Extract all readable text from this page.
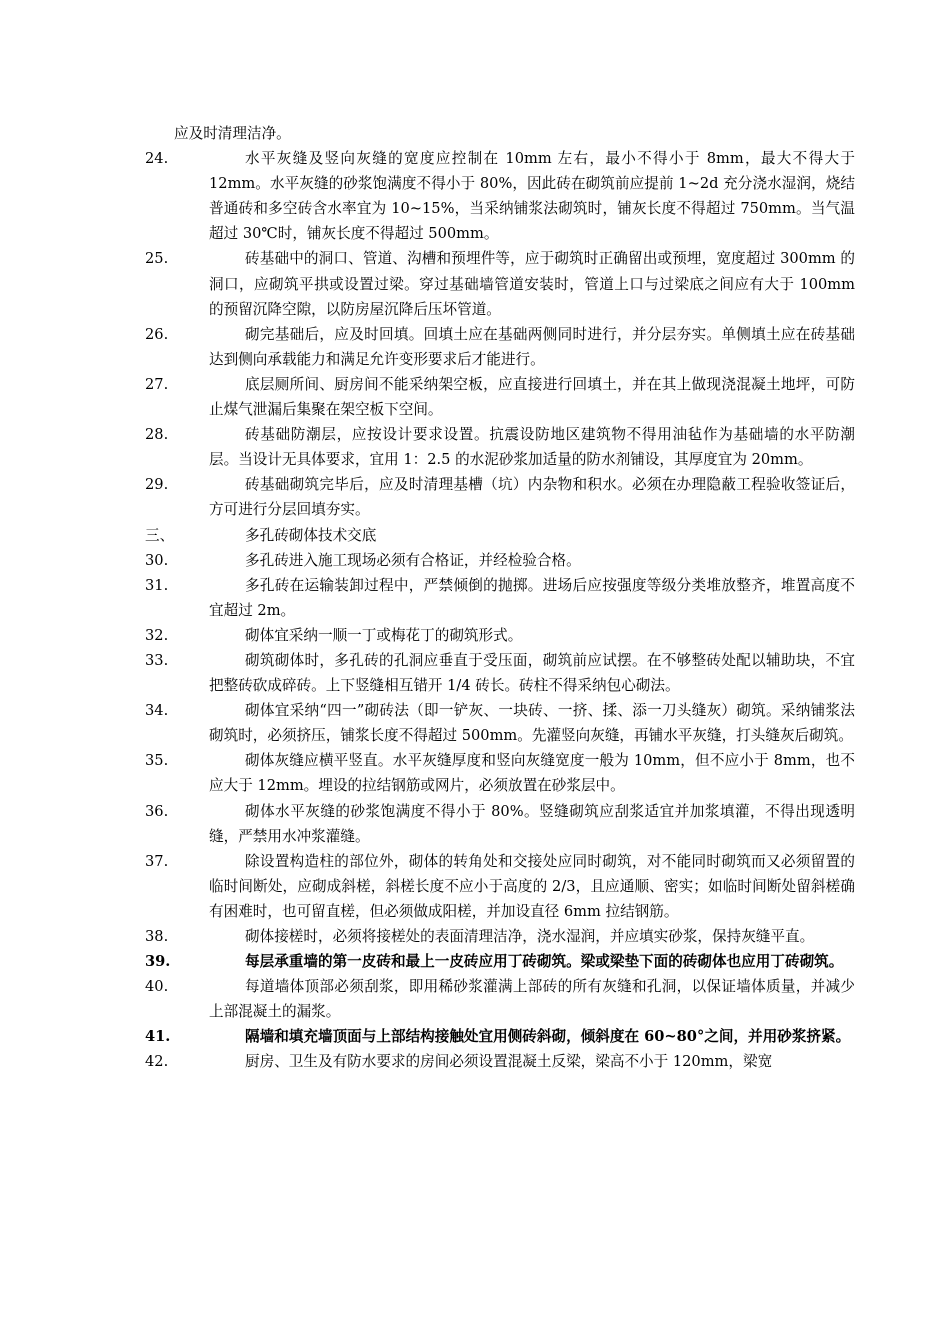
应及时清理洁净。
24.	水平灰缝及竖向灰缝的宽度应控制在 10mm 左右，最小不得小于 8mm，最大不得大于 12mm。水平灰缝的砂浆饱满度不得小于 80%，因此砖在砌筑前应提前 1~2d 充分浇水湿润，烧结普通砖和多空砖含水率宜为 10~15%，当采纳铺浆法砌筑时，铺灰长度不得超过 750mm。当气温超过 30℃时，铺灰长度不得超过 500mm。
25.	砖基础中的洞口、管道、沟槽和预埋件等，应于砌筑时正确留出或预埋，宽度超过 300mm 的洞口，应砌筑平拱或设置过梁。穿过基础墙管道安装时，管道上口与过梁底之间应有大于 100mm 的预留沉降空隙，以防房屋沉降后压坏管道。
26.	砌完基础后，应及时回填。回填土应在基础两侧同时进行，并分层夯实。单侧填土应在砖基础达到侧向承载能力和满足允许变形要求后才能进行。
27.	底层厕所间、厨房间不能采纳架空板，应直接进行回填土，并在其上做现浇混凝土地坪，可防止煤气泄漏后集聚在架空板下空间。
28.	砖基础防潮层，应按设计要求设置。抗震设防地区建筑物不得用油毡作为基础墙的水平防潮层。当设计无具体要求，宜用 1：2.5 的水泥砂浆加适量的防水剂铺设，其厚度宜为 20mm。
29.	砖基础砌筑完毕后，应及时清理基槽（坑）内杂物和积水。必须在办理隐蔽工程验收签证后，方可进行分层回填夯实。
三、	多孔砖砌体技术交底
30.	多孔砖进入施工现场必须有合格证，并经检验合格。
31.	多孔砖在运输装卸过程中，严禁倾倒的抛掷。进场后应按强度等级分类堆放整齐，堆置高度不宜超过 2m。
32.	砌体宜采纳一顺一丁或梅花丁的砌筑形式。
33.	砌筑砌体时，多孔砖的孔洞应垂直于受压面，砌筑前应试摆。在不够整砖处配以辅助块，不宜把整砖砍成碎砖。上下竖缝相互错开 1/4 砖长。砖柱不得采纳包心砌法。
34.	砌体宜采纳“四一”砌砖法（即一铲灰、一块砖、一挤、揉、添一刀头缝灰）砌筑。采纳铺浆法砌筑时，必须挤压，铺浆长度不得超过 500mm。先灌竖向灰缝，再铺水平灰缝，打头缝灰后砌筑。
35.	砌体灰缝应横平竖直。水平灰缝厚度和竖向灰缝宽度一般为 10mm，但不应小于 8mm，也不应大于 12mm。埋设的拉结钢筋或网片，必须放置在砂浆层中。
36.	砌体水平灰缝的砂浆饱满度不得小于 80%。竖缝砌筑应刮浆适宜并加浆填灌，不得出现透明缝，严禁用水冲浆灌缝。
37.	除设置构造柱的部位外，砌体的转角处和交接处应同时砌筑，对不能同时砌筑而又必须留置的临时间断处，应砌成斜槎，斜槎长度不应小于高度的 2/3，且应通顺、密实；如临时间断处留斜槎确有困难时，也可留直槎，但必须做成阳槎，并加设直径 6mm 拉结钢筋。
38.	砌体接槎时，必须将接槎处的表面清理洁净，浇水湿润，并应填实砂浆，保持灰缝平直。
39.	每层承重墙的第一皮砖和最上一皮砖应用丁砖砌筑。梁或梁垫下面的砖砌体也应用丁砖砌筑。
40.	每道墙体顶部必须刮浆，即用稀砂浆灌满上部砖的所有灰缝和孔洞，以保证墙体质量，并减少上部混凝土的漏浆。
41.	隔墙和填充墙顶面与上部结构接触处宜用侧砖斜砌，倾斜度在 60~80°之间，并用砂浆挤紧。
42.	厨房、卫生及有防水要求的房间必须设置混凝土反梁，梁高不小于 120mm，梁宽
